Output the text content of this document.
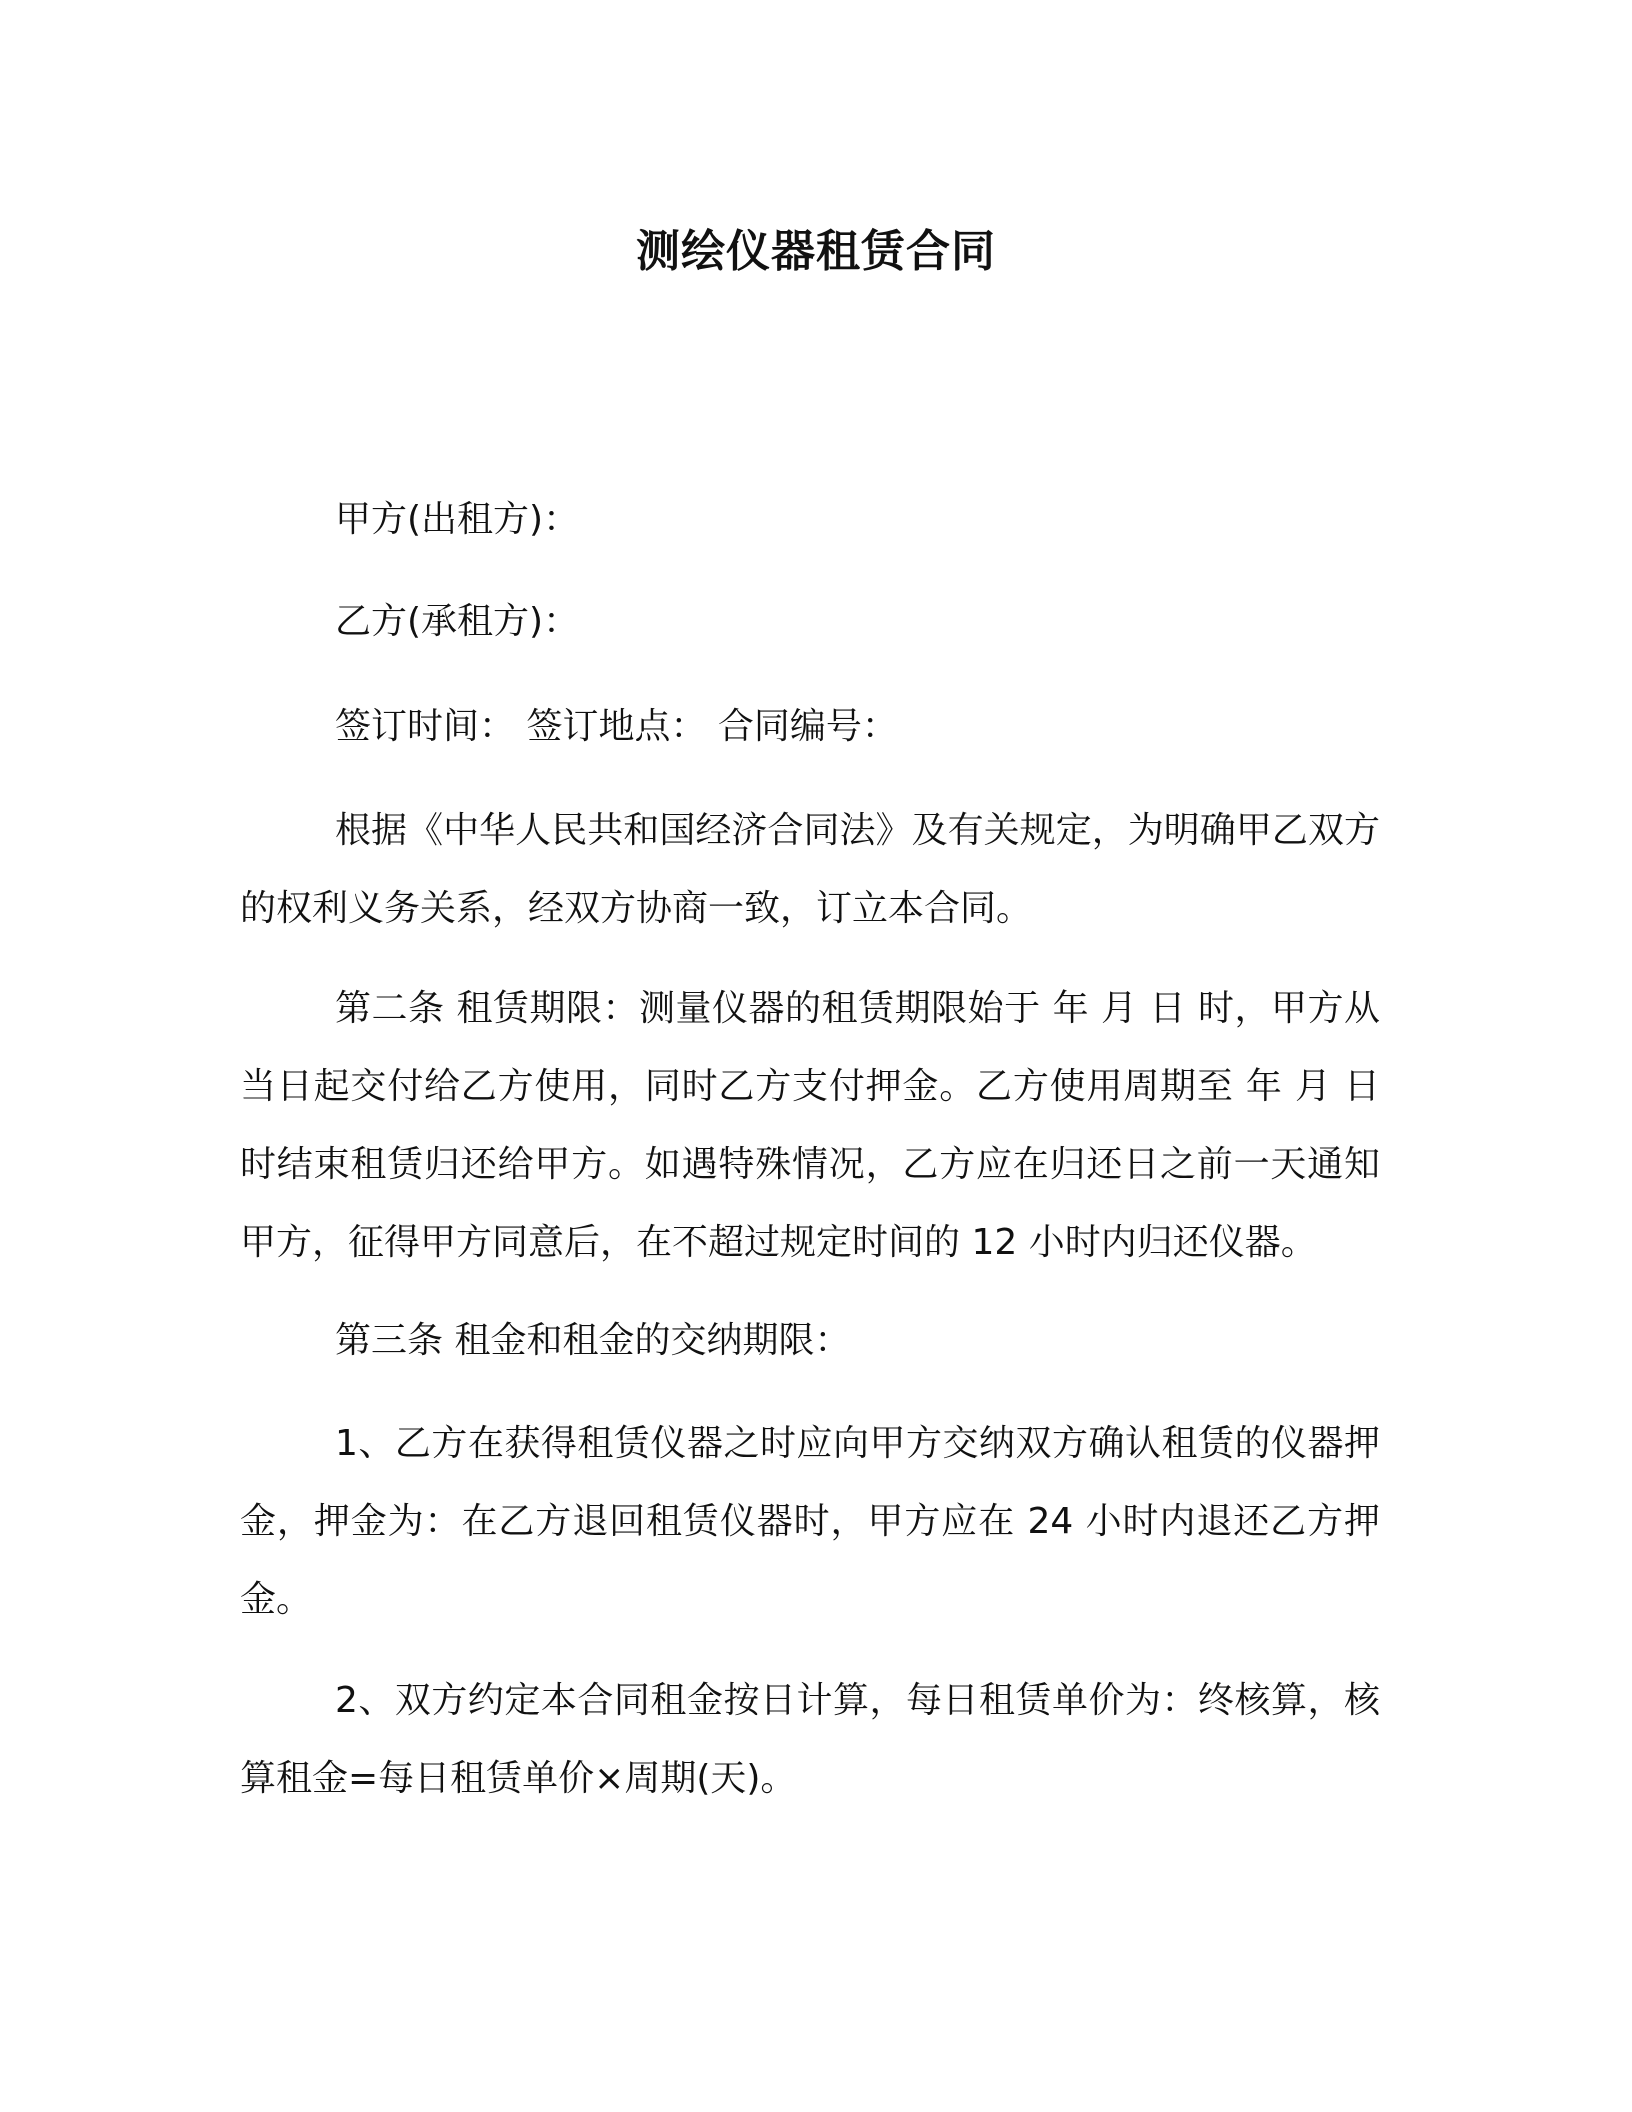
测绘仪器租赁合同

甲方(出租方)：

乙方(承租方)：

签订时间： 签订地点： 合同编号：

根据《中华人民共和国经济合同法》及有关规定，为明确甲乙双方的权利义务关系，经双方协商一致，订立本合同。

第二条 租赁期限：测量仪器的租赁期限始于 年 月 日 时，甲方从当日起交付给乙方使用，同时乙方支付押金。乙方使用周期至 年 月 日 时结束租赁归还给甲方。如遇特殊情况，乙方应在归还日之前一天通知甲方，征得甲方同意后，在不超过规定时间的 12 小时内归还仪器。

第三条 租金和租金的交纳期限：

1、乙方在获得租赁仪器之时应向甲方交纳双方确认租赁的仪器押金，押金为：在乙方退回租赁仪器时，甲方应在 24 小时内退还乙方押金。

2、双方约定本合同租金按日计算，每日租赁单价为：终核算，核算租金=每日租赁单价×周期(天)。
